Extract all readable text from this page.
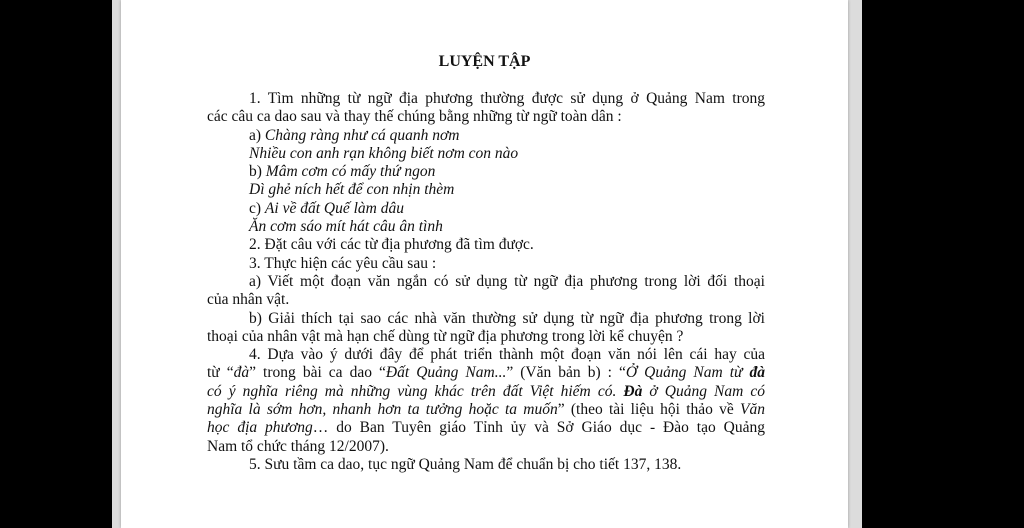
LUYỆN TẬP
1. Tìm những từ ngữ địa phương thường được sử dụng ở Quảng Nam trong
các câu ca dao sau và thay thế chúng bằng những từ ngữ toàn dân :
a) Chàng ràng như cá quanh nơm
Nhiều con anh rạn không biết nơm con nào
b) Mâm cơm có mấy thứ ngon
Dì ghẻ ních hết để con nhịn thèm
c) Ai về đất Quế làm dâu
Ăn cơm sáo mít hát câu ân tình
2. Đặt câu với các từ địa phương đã tìm được.
3. Thực hiện các yêu cầu sau :
a) Viết một đoạn văn ngắn có sử dụng từ ngữ địa phương trong lời đối thoại
của nhân vật.
b) Giải thích tại sao các nhà văn thường sử dụng từ ngữ địa phương trong lời
thoại của nhân vật mà hạn chế dùng từ ngữ địa phương trong lời kể chuyện ?
4. Dựa vào ý dưới đây để phát triển thành một đoạn văn nói lên cái hay của
từ “đà” trong bài ca dao “Đất Quảng Nam...” (Văn bản b) : “Ở Quảng Nam từ đà
có ý nghĩa riêng mà những vùng khác trên đất Việt hiếm có. Đà ở Quảng Nam có
nghĩa là sớm hơn, nhanh hơn ta tưởng hoặc ta muốn” (theo tài liệu hội thảo về Văn
học địa phương… do Ban Tuyên giáo Tỉnh ủy và Sở Giáo dục - Đào tạo Quảng
Nam tổ chức tháng 12/2007).
5. Sưu tầm ca dao, tục ngữ Quảng Nam để chuẩn bị cho tiết 137, 138.
